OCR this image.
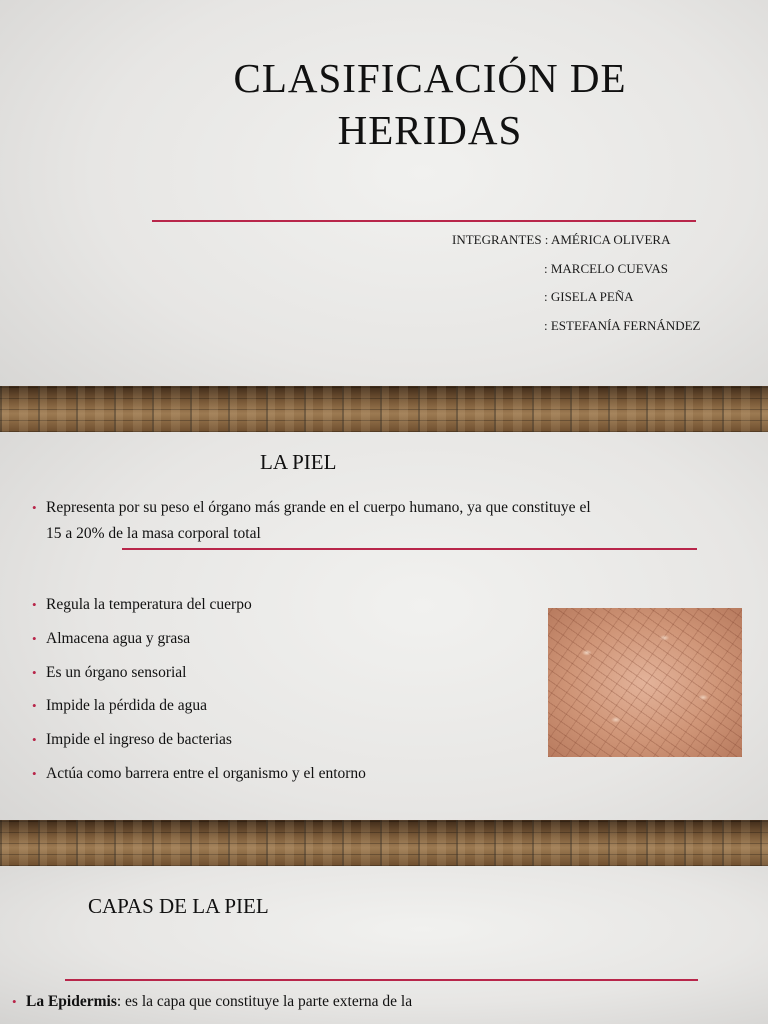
CLASIFICACIÓN DE
HERIDAS
INTEGRANTES : AMÉRICA OLIVERA
: MARCELO CUEVAS
: GISELA PEÑA
: ESTEFANÍA FERNÁNDEZ
LA PIEL
• Representa por su peso el órgano más grande en el cuerpo humano, ya que constituye el
15 a 20% de la masa corporal total
• Regula la temperatura del cuerpo
• Almacena agua y grasa
• Es un órgano sensorial
• Impide la pérdida de agua
• Impide el ingreso de bacterias
• Actúa como barrera entre el organismo y el entorno
CAPAS DE LA PIEL
• La Epidermis: es la capa que constituye la parte externa de la
